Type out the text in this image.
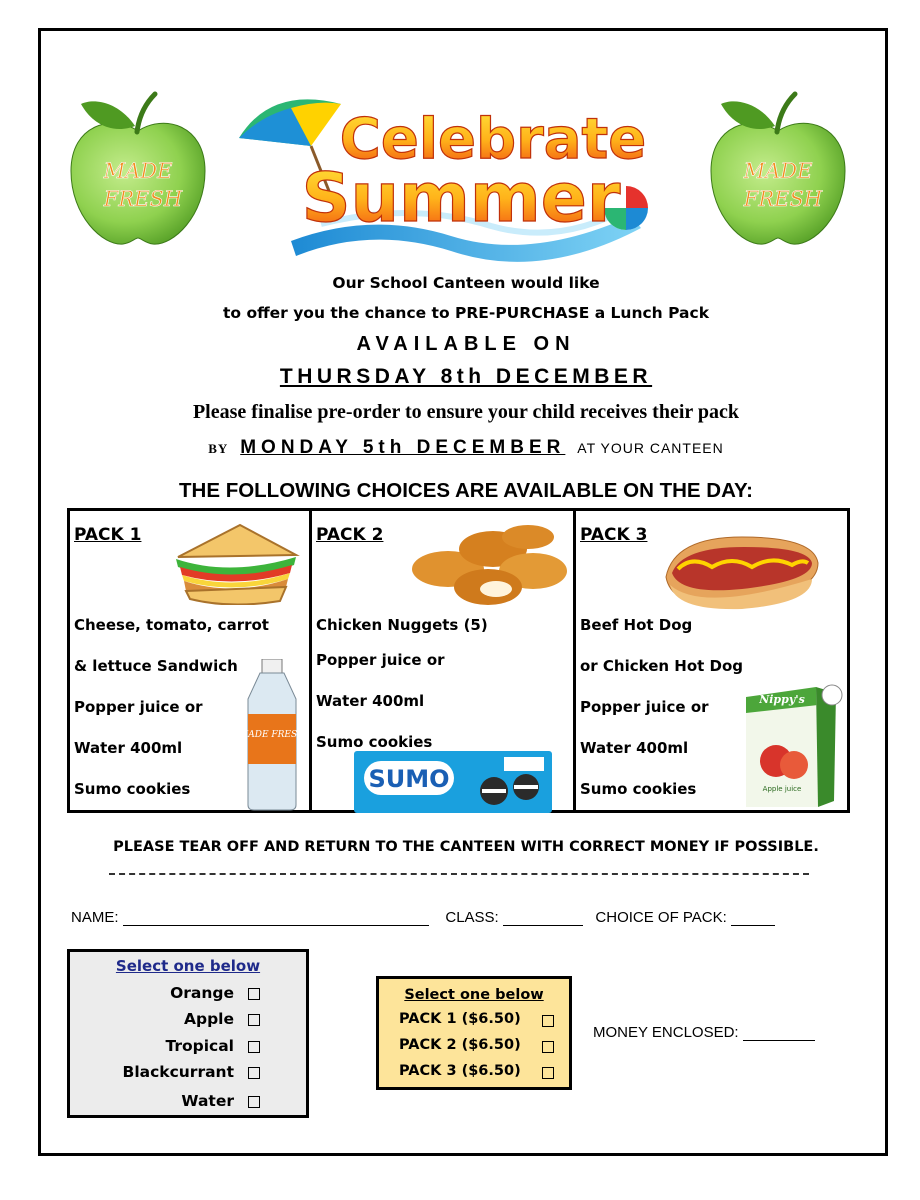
MADE
FRESH
Celebrate
Summer	MADE
FRESH
Our School Canteen would like
to offer you the chance to PRE-PURCHASE a Lunch Pack
AVAILABLE ON
THURSDAY 8th DECEMBER
Please finalise pre-order to ensure your child receives their pack
BY MONDAY 5th DECEMBER AT YOUR CANTEEN
THE FOLLOWING CHOICES ARE AVAILABLE ON THE DAY:
PACK 1
Cheese, tomato, carrot
& lettuce Sandwich
Popper juice or
Water 400ml
Sumo cookies
MADE FRESH
PACK 2
Chicken Nuggets (5)
Popper juice or
Water 400ml
Sumo cookies
SUMO
PACK 3
Beef Hot Dog
or Chicken Hot Dog
Popper juice or
Water 400ml
Sumo cookies
Nippy's
Apple juice
PLEASE TEAR OFF AND RETURN TO THE CANTEEN WITH CORRECT MONEY IF POSSIBLE.
NAME:	CLASS:	CHOICE OF PACK:
Select one below
Orange
Apple
Tropical
Blackcurrant
Water
Select one below
PACK 1 ($6.50)
PACK 2 ($6.50)
PACK 3 ($6.50)
MONEY ENCLOSED:
